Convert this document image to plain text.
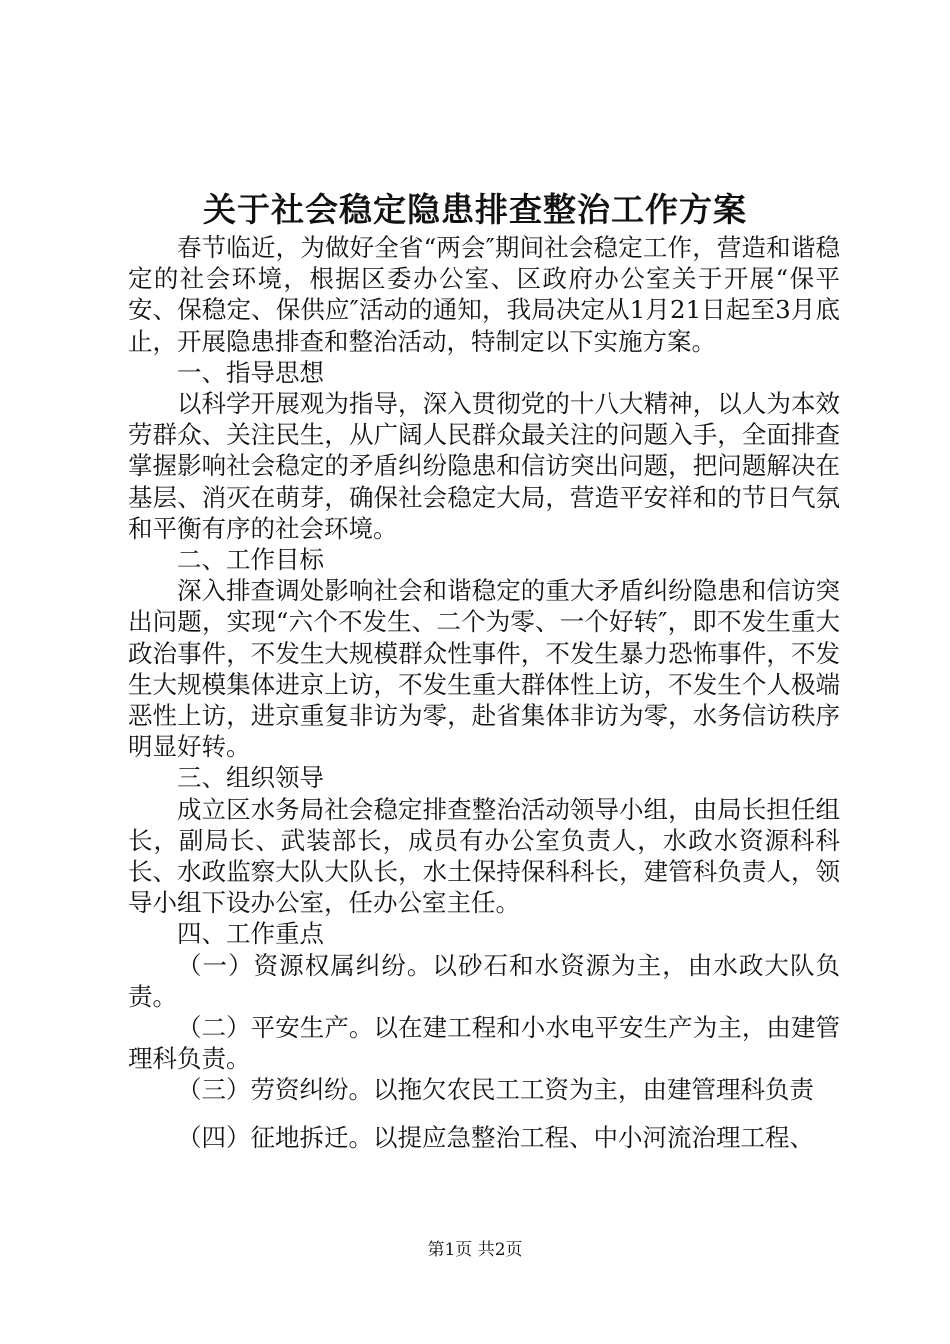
关于社会稳定隐患排查整治工作方案

春节临近，为做好全省“两会″期间社会稳定工作，营造和谐稳定的社会环境，根据区委办公室、区政府办公室关于开展“保平安、保稳定、保供应″活动的通知，我局决定从1月21日起至3月底止，开展隐患排查和整治活动，特制定以下实施方案。

一、指导思想

以科学开展观为指导，深入贯彻党的十八大精神，以人为本效劳群众、关注民生，从广阔人民群众最关注的问题入手，全面排查掌握影响社会稳定的矛盾纠纷隐患和信访突出问题，把问题解决在基层、消灭在萌芽，确保社会稳定大局，营造平安祥和的节日气氛和平衡有序的社会环境。

二、工作目标

深入排查调处影响社会和谐稳定的重大矛盾纠纷隐患和信访突出问题，实现“六个不发生、二个为零、一个好转″，即不发生重大政治事件，不发生大规模群众性事件，不发生暴力恐怖事件，不发生大规模集体进京上访，不发生重大群体性上访，不发生个人极端恶性上访，进京重复非访为零，赴省集体非访为零，水务信访秩序明显好转。

三、组织领导

成立区水务局社会稳定排查整治活动领导小组，由局长担任组长，副局长、武装部长，成员有办公室负责人，水政水资源科科长、水政监察大队大队长，水土保持保科科长，建管科负责人，领导小组下设办公室，任办公室主任。

四、工作重点

（一）资源权属纠纷。以砂石和水资源为主，由水政大队负责。

（二）平安生产。以在建工程和小水电平安生产为主，由建管理科负责。

（三）劳资纠纷。以拖欠农民工工资为主，由建管理科负责

（四）征地拆迁。以提应急整治工程、中小河流治理工程、

第1页 共2页
